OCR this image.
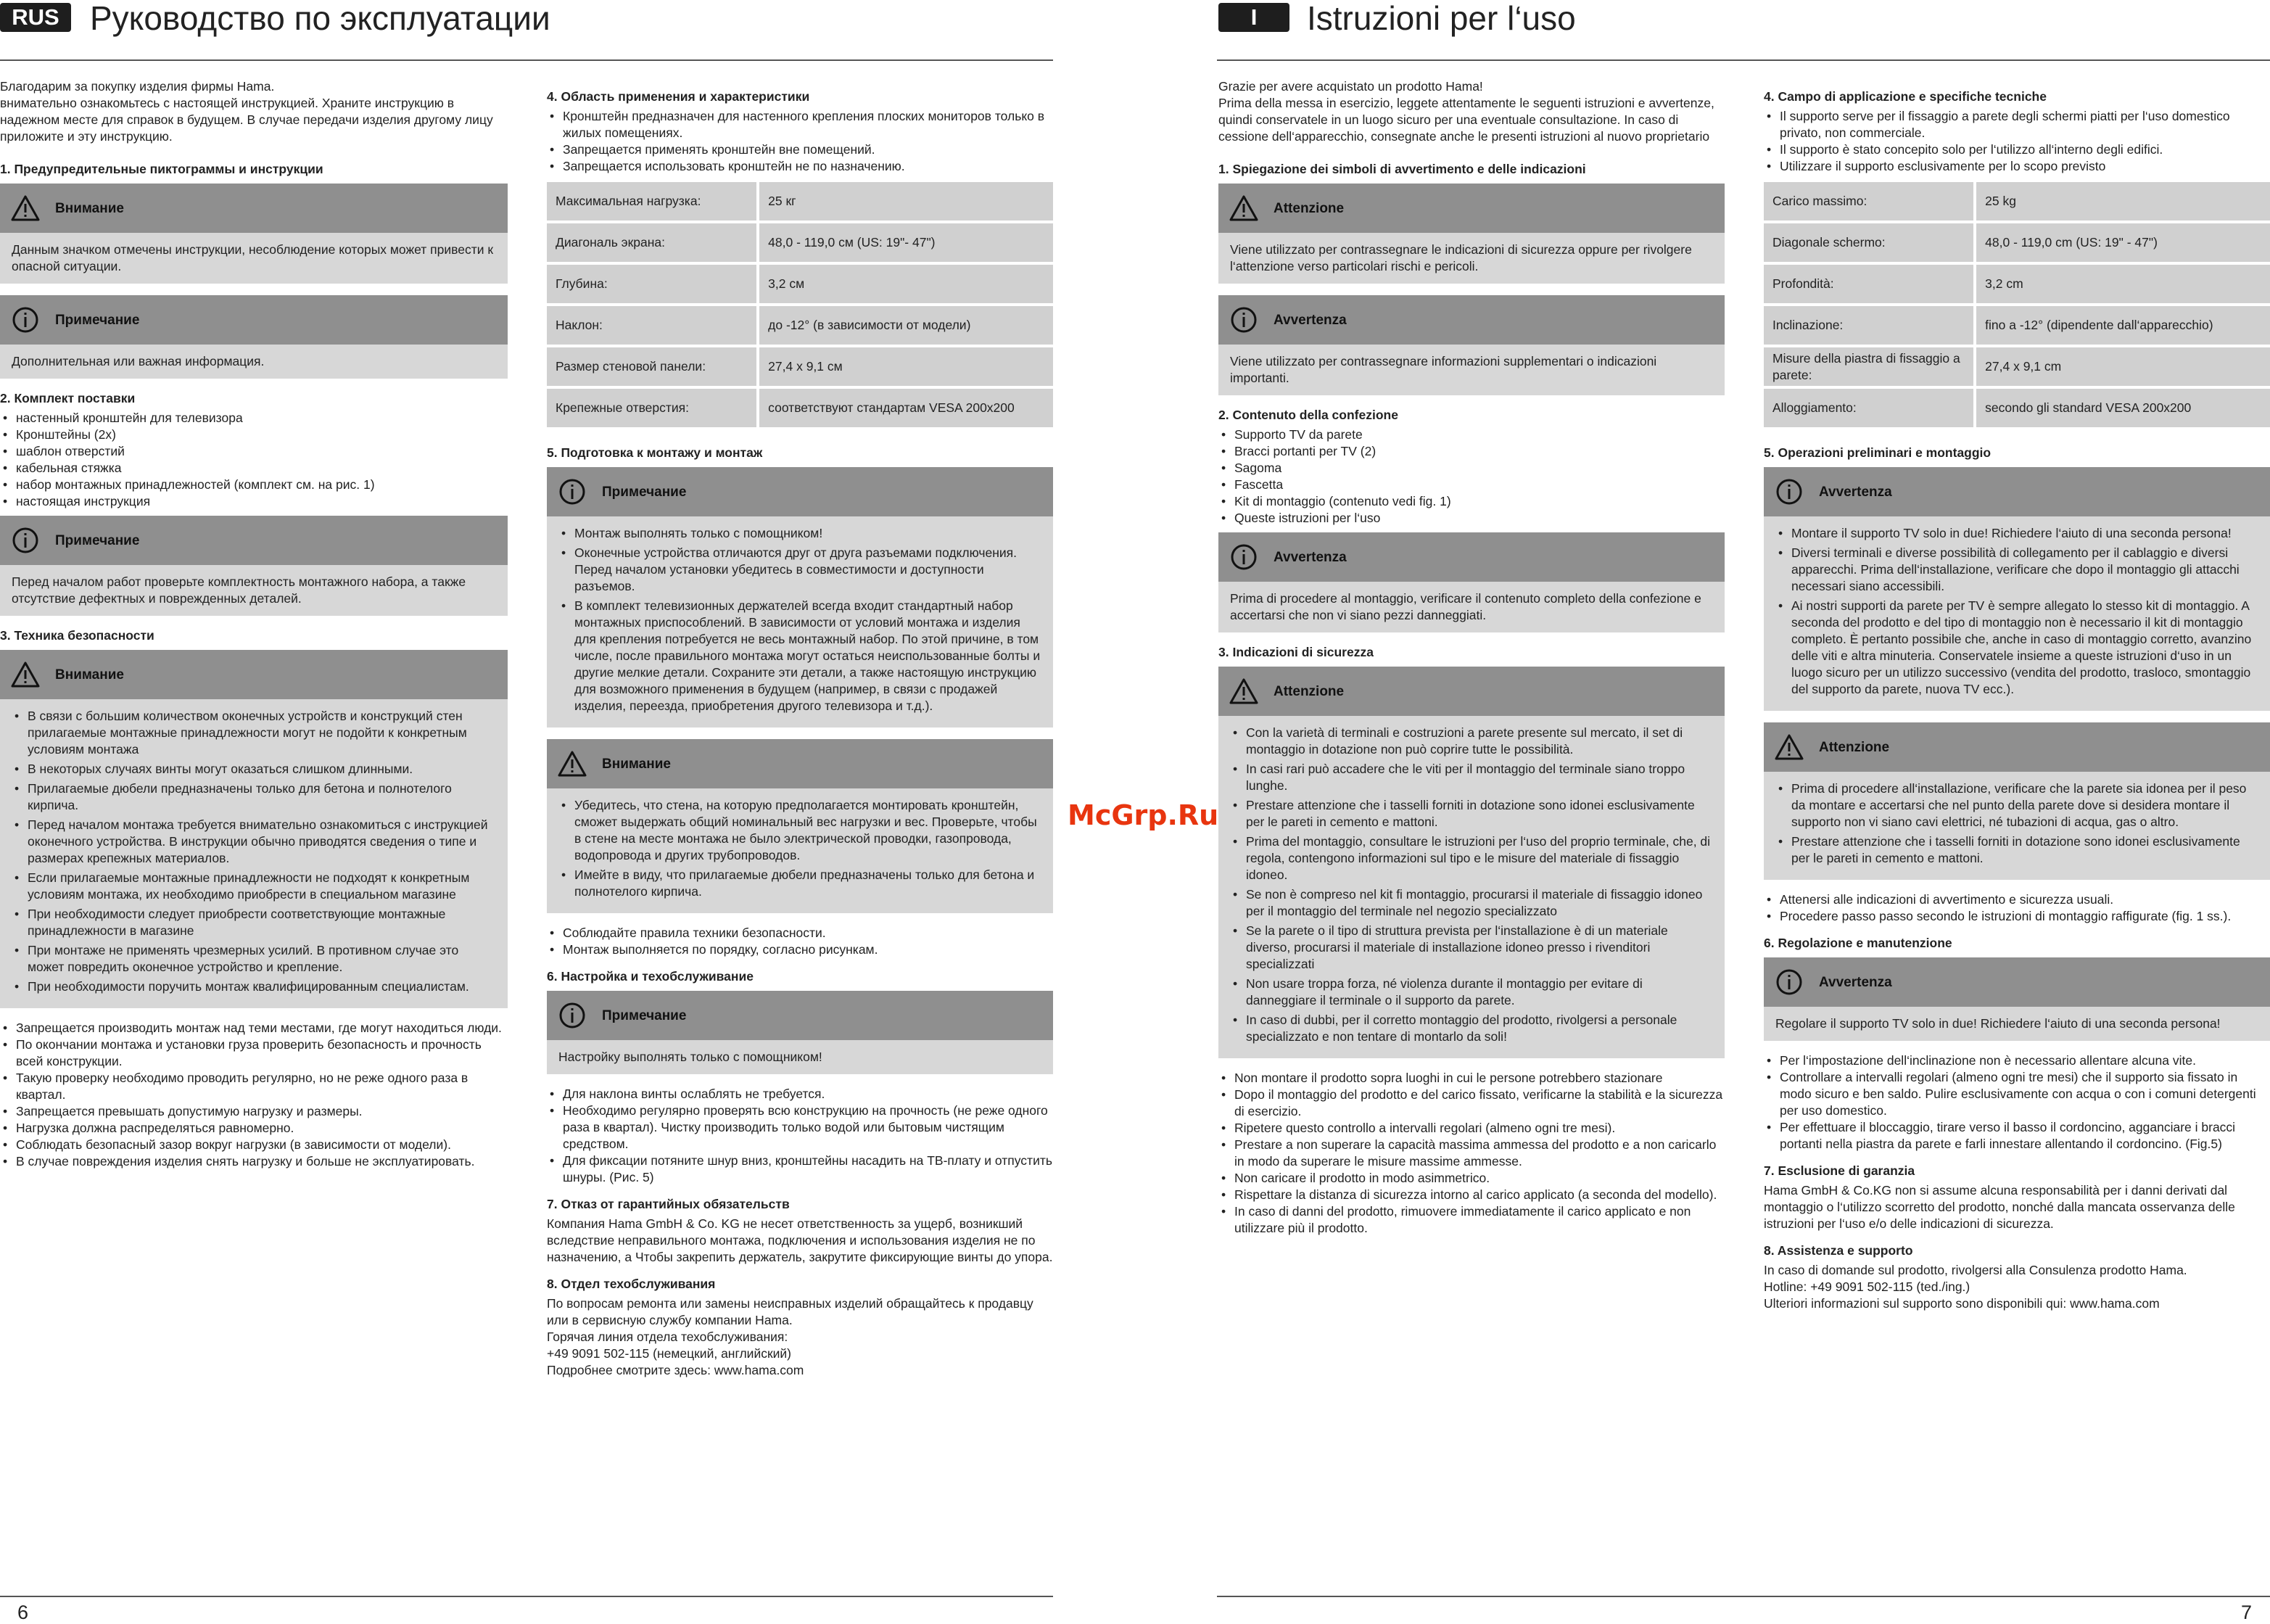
RUS Руководство по эксплуатации	I	Istruzioni per l‘uso
Благодарим за покупку изделия фирмы Hama.
внимательно ознакомьтесь с настоящей инструкцией. Храните инструкцию в надежном месте для справок в будущем. В случае передачи изделия другому лицу приложите и эту инструкцию.
1. Предупредительные пиктограммы и инструкции
Внимание
Данным значком отмечены инструкции, несоблюдение которых может привести к опасной ситуации.
Примечание
Дополнительная или важная информация.
2. Комплект поставки
• настенный кронштейн для телевизора
• Кронштейны (2x)
• шаблон отверстий
• кабельная стяжка
• набор монтажных принадлежностей (комплект см. на рис. 1)
• настоящая инструкция
Примечание
Перед началом работ проверьте комплектность монтажного набора, а также отсутствие дефектных и поврежденных деталей.
3. Техника безопасности
Внимание
• В связи с большим количеством оконечных устройств и конструкций стен прилагаемые монтажные принадлежности могут не подойти к конкретным условиям монтажа
• В некоторых случаях винты могут оказаться слишком длинными.
• Прилагаемые дюбели предназначены только для бетона и полнотелого кирпича.
• Перед началом монтажа требуется внимательно ознакомиться с инструкцией оконечного устройства. В инструкции обычно приводятся сведения о типе и размерах крепежных материалов.
• Если прилагаемые монтажные принадлежности не подходят к конкретным условиям монтажа, их необходимо приобрести в специальном магазине
• При необходимости следует приобрести соответствующие монтажные принадлежности в магазине
• При монтаже не применять чрезмерных усилий. В противном случае это может повредить оконечное устройство и крепление.
• При необходимости поручить монтаж квалифицированным специалистам.
• Запрещается производить монтаж над теми местами, где могут находиться люди.
• По окончании монтажа и установки груза проверить безопасность и прочность всей конструкции.
• Такую проверку необходимо проводить регулярно, но не реже одного раза в квартал.
• Запрещается превышать допустимую нагрузку и размеры.
• Нагрузка должна распределяться равномерно.
• Соблюдать безопасный зазор вокруг нагрузки (в зависимости от модели).
• В случае повреждения изделия снять нагрузку и больше не эксплуатировать.
4. Область применения и характеристики
• Кронштейн предназначен для настенного крепления плоских мониторов только в жилых помещениях.
• Запрещается применять кронштейн вне помещений.
• Запрещается использовать кронштейн не по назначению.
Максимальная нагрузка:	25 кг
Диагональ экрана:	48,0 - 119,0 см (US: 19"- 47")
Глубина:	3,2 см
Наклон:	до -12° (в зависимости от модели)
Размер стеновой панели:	27,4 x 9,1 см
Крепежные отверстия:	соответствуют стандартам VESA 200x200
5. Подготовка к монтажу и монтаж
Примечание
• Монтаж выполнять только с помощником!
• Оконечные устройства отличаются друг от друга разъемами подключения. Перед началом установки убедитесь в совместимости и доступности разъемов.
• В комплект телевизионных держателей всегда входит стандартный набор монтажных приспособлений. В зависимости от условий монтажа и изделия для крепления потребуется не весь монтажный набор. По этой причине, в том числе, после правильного монтажа могут остаться неиспользованные болты и другие мелкие детали. Сохраните эти детали, а также настоящую инструкцию для возможного применения в будущем (например, в связи с продажей изделия, переезда, приобретения другого телевизора и т.д.).
Внимание
• Убедитесь, что стена, на которую предполагается монтировать кронштейн, сможет выдержать общий номинальный вес нагрузки и вес. Проверьте, чтобы в стене на месте монтажа не было электрической проводки, газопровода, водопровода и других трубопроводов.
• Имейте в виду, что прилагаемые дюбели предназначены только для бетона и полнотелого кирпича.
• Соблюдайте правила техники безопасности.
• Монтаж выполняется по порядку, согласно рисункам.
6. Настройка и техобслуживание
Примечание
Настройку выполнять только с помощником!
• Для наклона винты ослаблять не требуется.
• Необходимо регулярно проверять всю конструкцию на прочность (не реже одного раза в квартал). Чистку производить только водой или бытовым чистящим средством.
• Для фиксации потяните шнур вниз, кронштейны насадить на ТВ-плату и отпустить шнуры. (Рис. 5)
7. Отказ от гарантийных обязательств
Компания Hama GmbH & Co. KG не несет ответственность за ущерб, возникший вследствие неправильного монтажа, подключения и использования изделия не по назначению, а Чтобы закрепить держатель, закрутите фиксирующие винты до упора.
8. Отдел техобслуживания
По вопросам ремонта или замены неисправных изделий обращайтесь к продавцу или в сервисную службу компании Hama.
Горячая линия отдела техобслуживания:
+49 9091 502-115 (немецкий, английский)
Подробнее смотрите здесь: www.hama.com
Grazie per avere acquistato un prodotto Hama!
Prima della messa in esercizio, leggete attentamente le seguenti istruzioni e avvertenze, quindi conservatele in un luogo sicuro per una eventuale consultazione. In caso di cessione dell‘apparecchio, consegnate anche le presenti istruzioni al nuovo proprietario
1. Spiegazione dei simboli di avvertimento e delle indicazioni
Attenzione
Viene utilizzato per contrassegnare le indicazioni di sicurezza oppure per rivolgere l‘attenzione verso particolari rischi e pericoli.
Avvertenza
Viene utilizzato per contrassegnare informazioni supplementari o indicazioni importanti.
2. Contenuto della confezione
• Supporto TV da parete
• Bracci portanti per TV (2)
• Sagoma
• Fascetta
• Kit di montaggio (contenuto vedi fig. 1)
• Queste istruzioni per l‘uso
Avvertenza
Prima di procedere al montaggio, verificare il contenuto completo della confezione e accertarsi che non vi siano pezzi danneggiati.
3. Indicazioni di sicurezza
Attenzione
• Con la varietà di terminali e costruzioni a parete presente sul mercato, il set di montaggio in dotazione non può coprire tutte le possibilità.
• In casi rari può accadere che le viti per il montaggio del terminale siano troppo lunghe.
• Prestare attenzione che i tasselli forniti in dotazione sono idonei esclusivamente per le pareti in cemento e mattoni.
• Prima del montaggio, consultare le istruzioni per l‘uso del proprio terminale, che, di regola, contengono informazioni sul tipo e le misure del materiale di fissaggio idoneo.
• Se non è compreso nel kit fi montaggio, procurarsi il materiale di fissaggio idoneo per il montaggio del terminale nel negozio specializzato
• Se la parete o il tipo di struttura prevista per l‘installazione è di un materiale diverso, procurarsi il materiale di installazione idoneo presso i rivenditori specializzati
• Non usare troppa forza, né violenza durante il montaggio per evitare di danneggiare il terminale o il supporto da parete.
• In caso di dubbi, per il corretto montaggio del prodotto, rivolgersi a personale specializzato e non tentare di montarlo da soli!
• Non montare il prodotto sopra luoghi in cui le persone potrebbero stazionare
• Dopo il montaggio del prodotto e del carico fissato, verificarne la stabilità e la sicurezza di esercizio.
• Ripetere questo controllo a intervalli regolari (almeno ogni tre mesi).
• Prestare a non superare la capacità massima ammessa del prodotto e a non caricarlo in modo da superare le misure massime ammesse.
• Non caricare il prodotto in modo asimmetrico.
• Rispettare la distanza di sicurezza intorno al carico applicato (a seconda del modello).
• In caso di danni del prodotto, rimuovere immediatamente il carico applicato e non utilizzare più il prodotto.
4. Campo di applicazione e specifiche tecniche
• Il supporto serve per il fissaggio a parete degli schermi piatti per l‘uso domestico privato, non commerciale.
• Il supporto è stato concepito solo per l‘utilizzo all‘interno degli edifici.
• Utilizzare il supporto esclusivamente per lo scopo previsto
Carico massimo:	25 kg
Diagonale schermo:	48,0 - 119,0 cm (US: 19" - 47")
Profondità:	3,2 cm
Inclinazione:	fino a -12° (dipendente dall‘apparecchio)
Misure della piastra di fissaggio a parete:	27,4 x 9,1 cm
Alloggiamento:	secondo gli standard VESA 200x200
5. Operazioni preliminari e montaggio
Avvertenza
• Montare il supporto TV solo in due! Richiedere l‘aiuto di una seconda persona!
• Diversi terminali e diverse possibilità di collegamento per il cablaggio e diversi apparecchi. Prima dell‘installazione, verificare che dopo il montaggio gli attacchi necessari siano accessibili.
• Ai nostri supporti da parete per TV è sempre allegato lo stesso kit di montaggio. A seconda del prodotto e del tipo di montaggio non è necessario il kit di montaggio completo. È pertanto possibile che, anche in caso di montaggio corretto, avanzino delle viti e altra minuteria. Conservatele insieme a queste istruzioni d‘uso in un luogo sicuro per un utilizzo successivo (vendita del prodotto, trasloco, smontaggio del supporto da parete, nuova TV ecc.).
Attenzione
• Prima di procedere all‘installazione, verificare che la parete sia idonea per il peso da montare e accertarsi che nel punto della parete dove si desidera montare il supporto non vi siano cavi elettrici, né tubazioni di acqua, gas o altro.
• Prestare attenzione che i tasselli forniti in dotazione sono idonei esclusivamente per le pareti in cemento e mattoni.
• Attenersi alle indicazioni di avvertimento e sicurezza usuali.
• Procedere passo passo secondo le istruzioni di montaggio raffigurate (fig. 1 ss.).
6. Regolazione e manutenzione
Avvertenza
Regolare il supporto TV solo in due! Richiedere l‘aiuto di una seconda persona!
• Per l‘impostazione dell‘inclinazione non è necessario allentare alcuna vite.
• Controllare a intervalli regolari (almeno ogni tre mesi) che il supporto sia fissato in modo sicuro e ben saldo. Pulire esclusivamente con acqua o con i comuni detergenti per uso domestico.
• Per effettuare il bloccaggio, tirare verso il basso il cordoncino, agganciare i bracci portanti nella piastra da parete e farli innestare allentando il cordoncino. (Fig.5)
7. Esclusione di garanzia
Hama GmbH & Co.KG non si assume alcuna responsabilità per i danni derivati dal montaggio o l‘utilizzo scorretto del prodotto, nonché dalla mancata osservanza delle istruzioni per l‘uso e/o delle indicazioni di sicurezza.
8. Assistenza e supporto
In caso di domande sul prodotto, rivolgersi alla Consulenza prodotto Hama.
Hotline: +49 9091 502-115 (ted./ing.)
Ulteriori informazioni sul supporto sono disponibili qui: www.hama.com
McGrp.Ru
6	7
